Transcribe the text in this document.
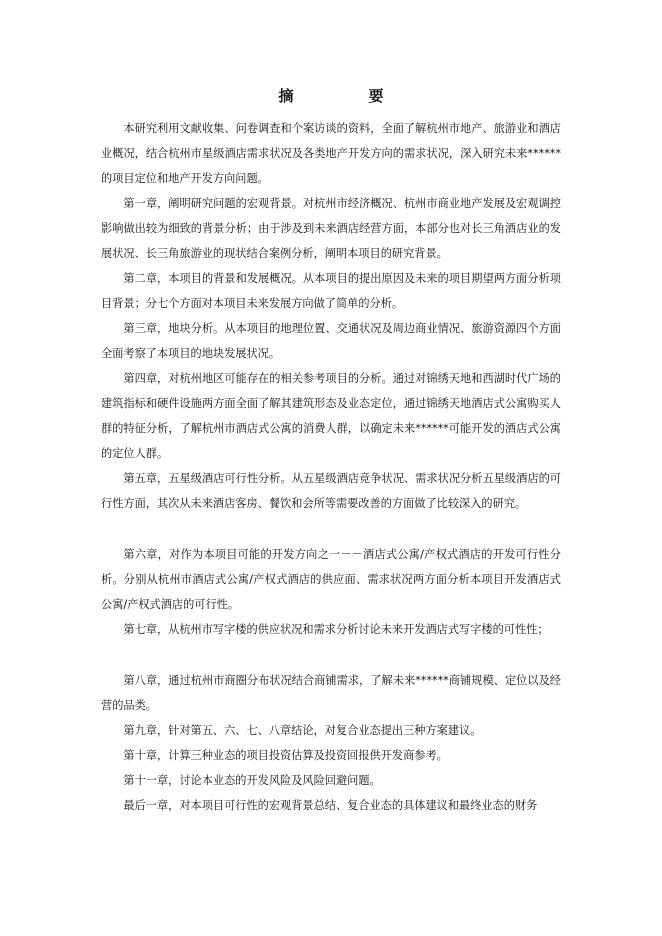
摘　要

本研究利用文献收集、问卷调查和个案访谈的资料，全面了解杭州市地产、旅游业和酒店业概况，结合杭州市星级酒店需求状况及各类地产开发方向的需求状况，深入研究未来******的项目定位和地产开发方向问题。

第一章，阐明研究问题的宏观背景。对杭州市经济概况、杭州市商业地产发展及宏观调控影响做出较为细致的背景分析；由于涉及到未来酒店经营方面，本部分也对长三角酒店业的发展状况、长三角旅游业的现状结合案例分析，阐明本项目的研究背景。

第二章，本项目的背景和发展概况。从本项目的提出原因及未来的项目期望两方面分析项目背景；分七个方面对本项目未来发展方向做了简单的分析。

第三章，地块分析。从本项目的地理位置、交通状况及周边商业情况、旅游资源四个方面全面考察了本项目的地块发展状况。

第四章，对杭州地区可能存在的相关参考项目的分析。通过对锦绣天地和西湖时代广场的建筑指标和硬件设施两方面全面了解其建筑形态及业态定位，通过锦绣天地酒店式公寓购买人群的特征分析，了解杭州市酒店式公寓的消费人群，以确定未来******可能开发的酒店式公寓的定位人群。

第五章，五星级酒店可行性分析。从五星级酒店竞争状况、需求状况分析五星级酒店的可行性方面，其次从未来酒店客房、餐饮和会所等需要改善的方面做了比较深入的研究。

第六章，对作为本项目可能的开发方向之一－－酒店式公寓/产权式酒店的开发可行性分析。分别从杭州市酒店式公寓/产权式酒店的供应面、需求状况两方面分析本项目开发酒店式公寓/产权式酒店的可行性。

第七章，从杭州市写字楼的供应状况和需求分析讨论未来开发酒店式写字楼的可性性；

第八章，通过杭州市商圈分布状况结合商铺需求，了解未来******商铺规模、定位以及经营的品类。

第九章，针对第五、六、七、八章结论，对复合业态提出三种方案建议。

第十章，计算三种业态的项目投资估算及投资回报供开发商参考。

第十一章，讨论本业态的开发风险及风险回避问题。

最后一章，对本项目可行性的宏观背景总结、复合业态的具体建议和最终业态的财务
